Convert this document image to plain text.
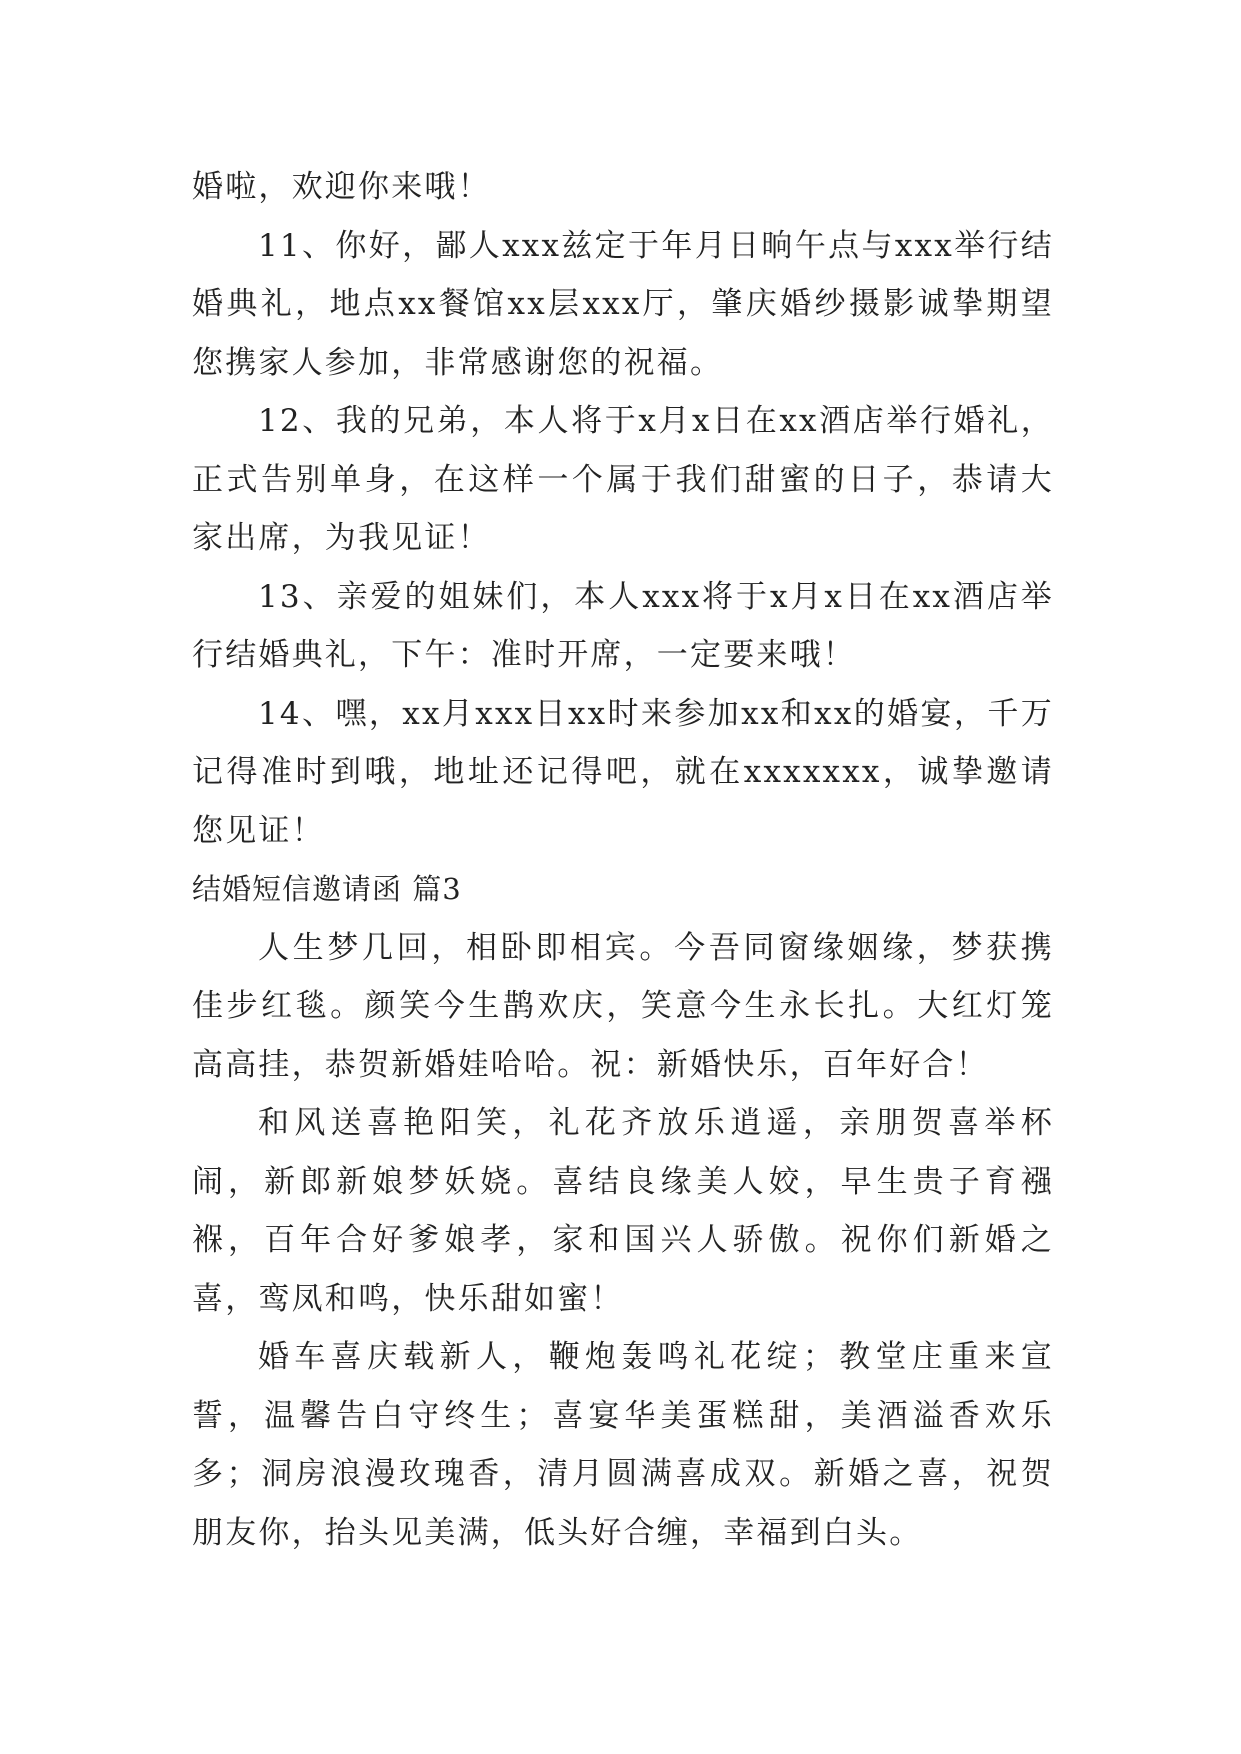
婚啦，欢迎你来哦！

11、你好，鄙人xxx兹定于年月日晌午点与xxx举行结婚典礼，地点xx餐馆xx层xxx厅，肇庆婚纱摄影诚挚期望您携家人参加，非常感谢您的祝福。

12、我的兄弟，本人将于x月x日在xx酒店举行婚礼，正式告别单身，在这样一个属于我们甜蜜的日子，恭请大家出席，为我见证！

13、亲爱的姐妹们，本人xxx将于x月x日在xx酒店举行结婚典礼，下午：准时开席，一定要来哦！

14、嘿，xx月xxx日xx时来参加xx和xx的婚宴，千万记得准时到哦，地址还记得吧，就在xxxxxxx，诚挚邀请您见证！

结婚短信邀请函 篇3

人生梦几回，相卧即相宾。今吾同窗缘姻缘，梦获携佳步红毯。颜笑今生鹊欢庆，笑意今生永长扎。大红灯笼高高挂，恭贺新婚娃哈哈。祝：新婚快乐，百年好合！

和风送喜艳阳笑，礼花齐放乐逍遥，亲朋贺喜举杯闹，新郎新娘梦妖娆。喜结良缘美人姣，早生贵子育襁褓，百年合好爹娘孝，家和国兴人骄傲。祝你们新婚之喜，鸾凤和鸣，快乐甜如蜜！

婚车喜庆载新人，鞭炮轰鸣礼花绽；教堂庄重来宣誓，温馨告白守终生；喜宴华美蛋糕甜，美酒溢香欢乐多；洞房浪漫玫瑰香，清月圆满喜成双。新婚之喜，祝贺朋友你，抬头见美满，低头好合缠，幸福到白头。
